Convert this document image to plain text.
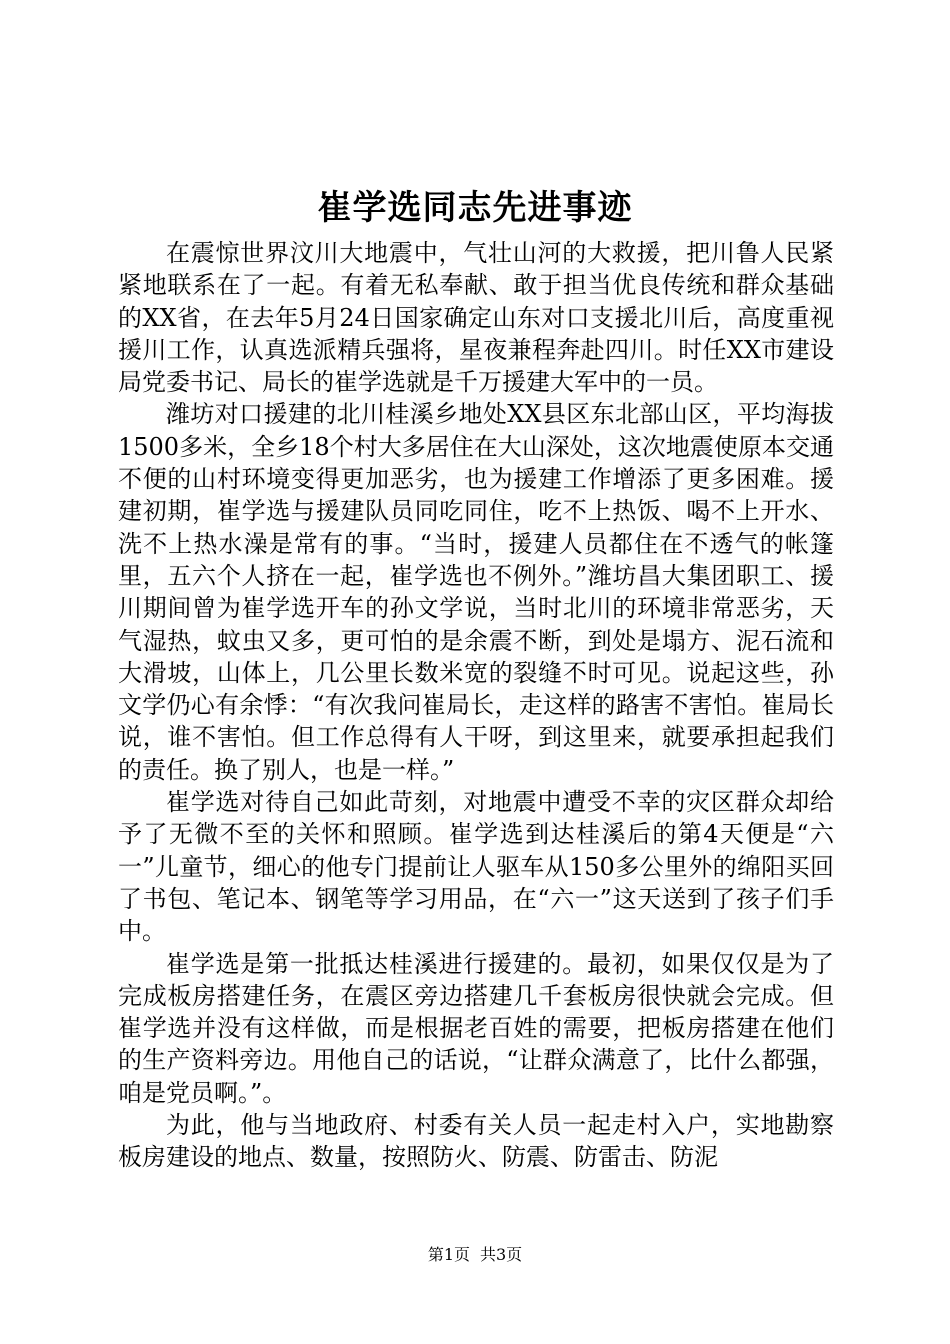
崔学选同志先进事迹

在震惊世界汶川大地震中，气壮山河的大救援，把川鲁人民紧紧地联系在了一起。有着无私奉献、敢于担当优良传统和群众基础的XX省，在去年5月24日国家确定山东对口支援北川后，高度重视援川工作，认真选派精兵强将，星夜兼程奔赴四川。时任XX市建设局党委书记、局长的崔学选就是千万援建大军中的一员。

潍坊对口援建的北川桂溪乡地处XX县区东北部山区，平均海拔1500多米，全乡18个村大多居住在大山深处，这次地震使原本交通不便的山村环境变得更加恶劣，也为援建工作增添了更多困难。援建初期，崔学选与援建队员同吃同住，吃不上热饭、喝不上开水、洗不上热水澡是常有的事。“当时，援建人员都住在不透气的帐篷里，五六个人挤在一起，崔学选也不例外。”潍坊昌大集团职工、援川期间曾为崔学选开车的孙文学说，当时北川的环境非常恶劣，天气湿热，蚊虫又多，更可怕的是余震不断，到处是塌方、泥石流和大滑坡，山体上，几公里长数米宽的裂缝不时可见。说起这些，孙文学仍心有余悸：“有次我问崔局长，走这样的路害不害怕。崔局长说，谁不害怕。但工作总得有人干呀，到这里来，就要承担起我们的责任。换了别人，也是一样。”

崔学选对待自己如此苛刻，对地震中遭受不幸的灾区群众却给予了无微不至的关怀和照顾。崔学选到达桂溪后的第4天便是“六一”儿童节，细心的他专门提前让人驱车从150多公里外的绵阳买回了书包、笔记本、钢笔等学习用品，在“六一”这天送到了孩子们手中。

崔学选是第一批抵达桂溪进行援建的。最初，如果仅仅是为了完成板房搭建任务，在震区旁边搭建几千套板房很快就会完成。但崔学选并没有这样做，而是根据老百姓的需要，把板房搭建在他们的生产资料旁边。用他自己的话说，“让群众满意了，比什么都强，咱是党员啊。”。

为此，他与当地政府、村委有关人员一起走村入户，实地勘察板房建设的地点、数量，按照防火、防震、防雷击、防泥

第1页 共3页
